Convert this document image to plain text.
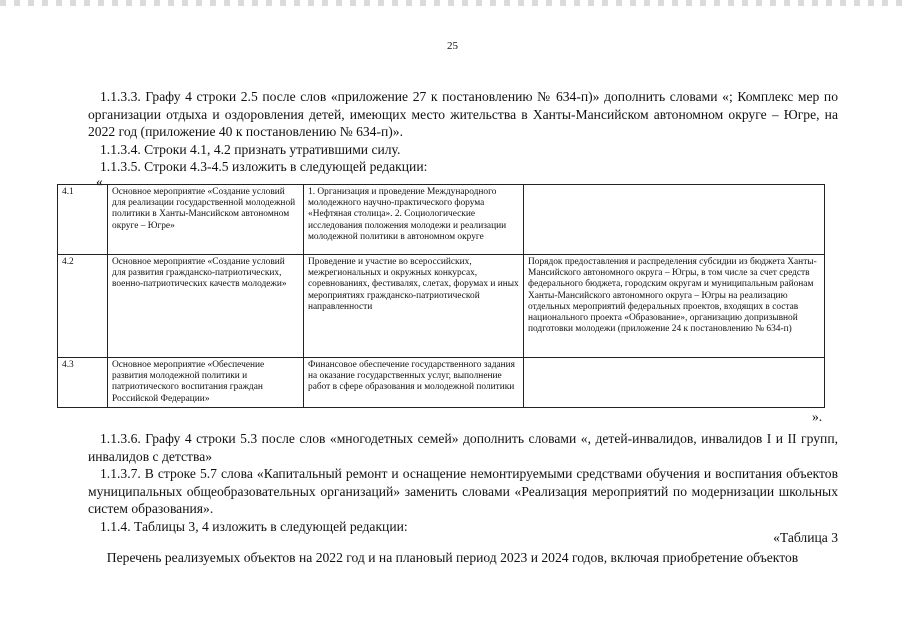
25

1.1.3.3. Графу 4 строки 2.5 после слов «приложение 27 к постановлению № 634-п)» дополнить словами «; Комплекс мер по организации отдыха и оздоровления детей, имеющих место жительства в Ханты-Мансийском автономном округе – Югре, на 2022 год (приложение 40 к постановлению № 634-п)».

1.1.3.4. Строки 4.1, 4.2 признать утратившими силу.

1.1.3.5. Строки 4.3-4.5 изложить в следующей редакции:

«
4.1	Основное мероприятие «Создание условий для реализации государственной молодежной политики в Ханты-Мансийском автономном округе – Югре»	1. Организация и проведение Международного молодежного научно-практического форума «Нефтяная столица». 2. Социологические исследования положения молодежи и реализации молодежной политики в автономном округе	
4.2	Основное мероприятие «Создание условий для развития гражданско-патриотических, военно-патриотических качеств молодежи»	Проведение и участие во всероссийских, межрегиональных и окружных конкурсах, соревнованиях, фестивалях, слетах, форумах и иных мероприятиях гражданско-патриотической направленности	Порядок предоставления и распределения субсидии из бюджета Ханты-Мансийского автономного округа – Югры, в том числе за счет средств федерального бюджета, городским округам и муниципальным районам Ханты-Мансийского автономного округа – Югры на реализацию отдельных мероприятий федеральных проектов, входящих в состав национального проекта «Образование», организацию допризывной подготовки молодежи (приложение 24 к постановлению № 634-п)
4.3	Основное мероприятие «Обеспечение развития молодежной политики и патриотического воспитания граждан Российской Федерации»	Финансовое обеспечение государственного задания на оказание государственных услуг, выполнение работ в сфере образования и молодежной политики	
».

1.1.3.6. Графу 4 строки 5.3 после слов «многодетных семей» дополнить словами «, детей-инвалидов, инвалидов I и II групп, инвалидов с детства»

1.1.3.7. В строке 5.7 слова «Капитальный ремонт и оснащение немонтируемыми средствами обучения и воспитания объектов муниципальных общеобразовательных организаций» заменить словами «Реализация мероприятий по модернизации школьных систем образования».

1.1.4. Таблицы 3, 4 изложить в следующей редакции:

«Таблица 3
Перечень реализуемых объектов на 2022 год и на плановый период 2023 и 2024 годов, включая приобретение объектов
